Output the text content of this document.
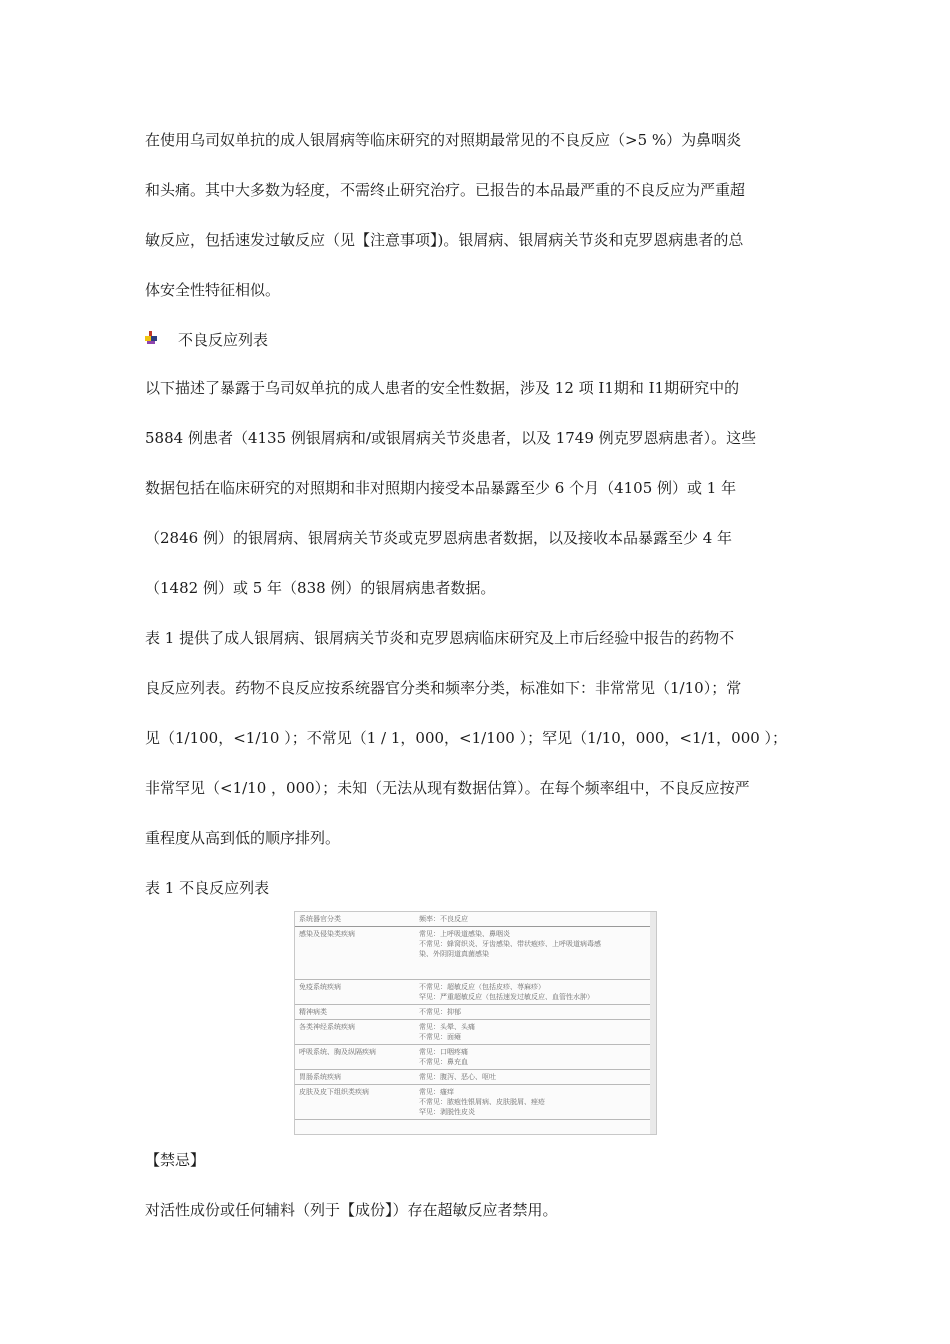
在使用乌司奴单抗的成人银屑病等临床研究的对照期最常见的不良反应（>5 %）为鼻咽炎
和头痛。其中大多数为轻度，不需终止研究治疗。已报告的本品最严重的不良反应为严重超
敏反应，包括速发过敏反应（见【注意事项】)。银屑病、银屑病关节炎和克罗恩病患者的总
体安全性特征相似。
不良反应列表
以下描述了暴露于乌司奴单抗的成人患者的安全性数据，涉及 12 项 I1期和 I1期研究中的
5884 例患者（4135 例银屑病和/或银屑病关节炎患者，以及 1749 例克罗恩病患者）。这些
数据包括在临床研究的对照期和非对照期内接受本品暴露至少 6 个月（4105 例）或 1 年
（2846 例）的银屑病、银屑病关节炎或克罗恩病患者数据，以及接收本品暴露至少 4 年
（1482 例）或 5 年（838 例）的银屑病患者数据。
表 1 提供了成人银屑病、银屑病关节炎和克罗恩病临床研究及上市后经验中报告的药物不
良反应列表。药物不良反应按系统器官分类和频率分类，标准如下：非常常见（1/10）；常
见（1/100，<1/10 ）；不常见（1 / 1，000，<1/100 ）；罕见（1/10，000，<1/1，000 ）；
非常罕见（<1/10 ，000）；未知（无法从现有数据估算）。在每个频率组中，不良反应按严
重程度从高到低的顺序排列。
表 1 不良反应列表
系统器官分类	频率：不良反应
感染及侵染类疾病	常见：上呼吸道感染、鼻咽炎
不常见：蜂窝织炎、牙齿感染、带状疱疹、上呼吸道病毒感
染、外阴阴道真菌感染

免疫系统疾病	不常见：超敏反应（包括皮疹、荨麻疹）
罕见：严重超敏反应（包括速发过敏反应、血管性水肿）

精神病类	不常见：抑郁

各类神经系统疾病	常见：头晕、头痛
不常见：面瘫

呼吸系统、胸及纵隔疾病	常见：口咽疼痛
不常见：鼻充血

胃肠系统疾病	常见：腹泻、恶心、呕吐

皮肤及皮下组织类疾病	常见：瘙痒
不常见：脓疱性银屑病、皮肤脱屑、痤疮
罕见：剥脱性皮炎
【禁忌】
对活性成份或任何辅料（列于【成份】）存在超敏反应者禁用。
